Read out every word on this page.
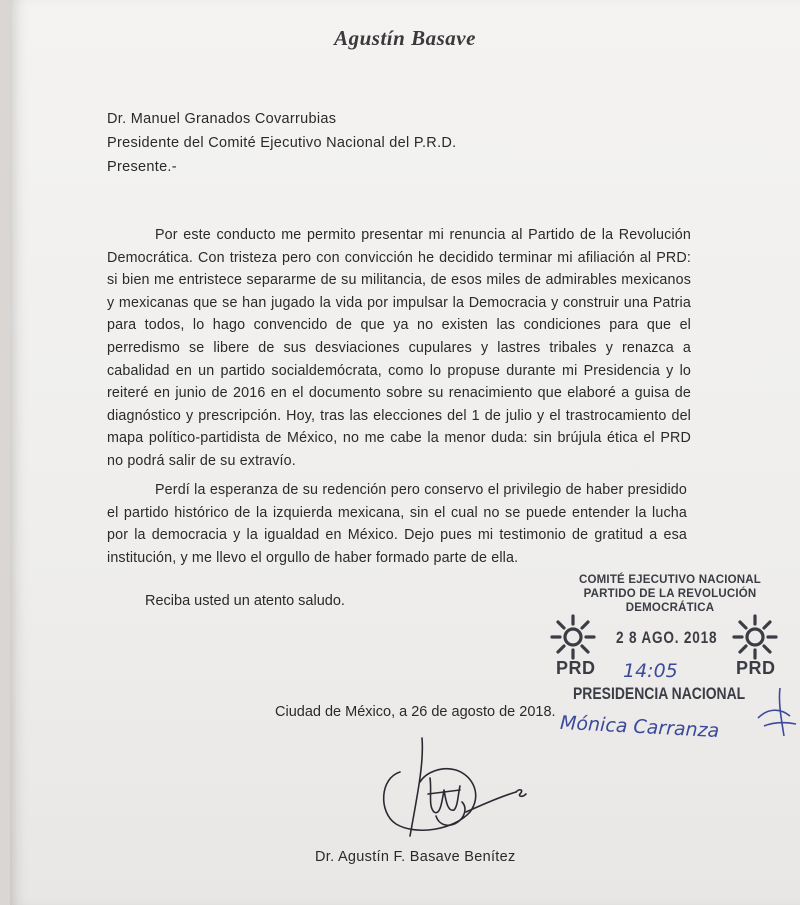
Agustín Basave
Dr. Manuel Granados Covarrubias
Presidente del Comité Ejecutivo Nacional del P.R.D.
Presente.-

Por este conducto me permito presentar mi renuncia al Partido de la Revolución Democrática. Con tristeza pero con convicción he decidido terminar mi afiliación al PRD: si bien me entristece separarme de su militancia, de esos miles de admirables mexicanos y mexicanas que se han jugado la vida por impulsar la Democracia y construir una Patria para todos, lo hago convencido de que ya no existen las condiciones para que el perredismo se libere de sus desviaciones cupulares y lastres tribales y renazca a cabalidad en un partido socialdemócrata, como lo propuse durante mi Presidencia y lo reiteré en junio de 2016 en el documento sobre su renacimiento que elaboré a guisa de diagnóstico y prescripción. Hoy, tras las elecciones del 1 de julio y el trastrocamiento del mapa político-partidista de México, no me cabe la menor duda: sin brújula ética el PRD no podrá salir de su extravío.

Perdí la esperanza de su redención pero conservo el privilegio de haber presidido el partido histórico de la izquierda mexicana, sin el cual no se puede entender la lucha por la democracia y la igualdad en México. Dejo pues mi testimonio de gratitud a esa institución, y me llevo el orgullo de haber formado parte de ella.

Reciba usted un atento saludo.
Ciudad de México, a 26 de agosto de 2018.
COMITÉ EJECUTIVO NACIONAL
PARTIDO DE LA REVOLUCIÓN
DEMOCRÁTICA
PRD
2 8 AGO. 2018
PRD
14:05
PRESIDENCIA NACIONAL
Mónica Carranza
Dr. Agustín F. Basave Benítez
